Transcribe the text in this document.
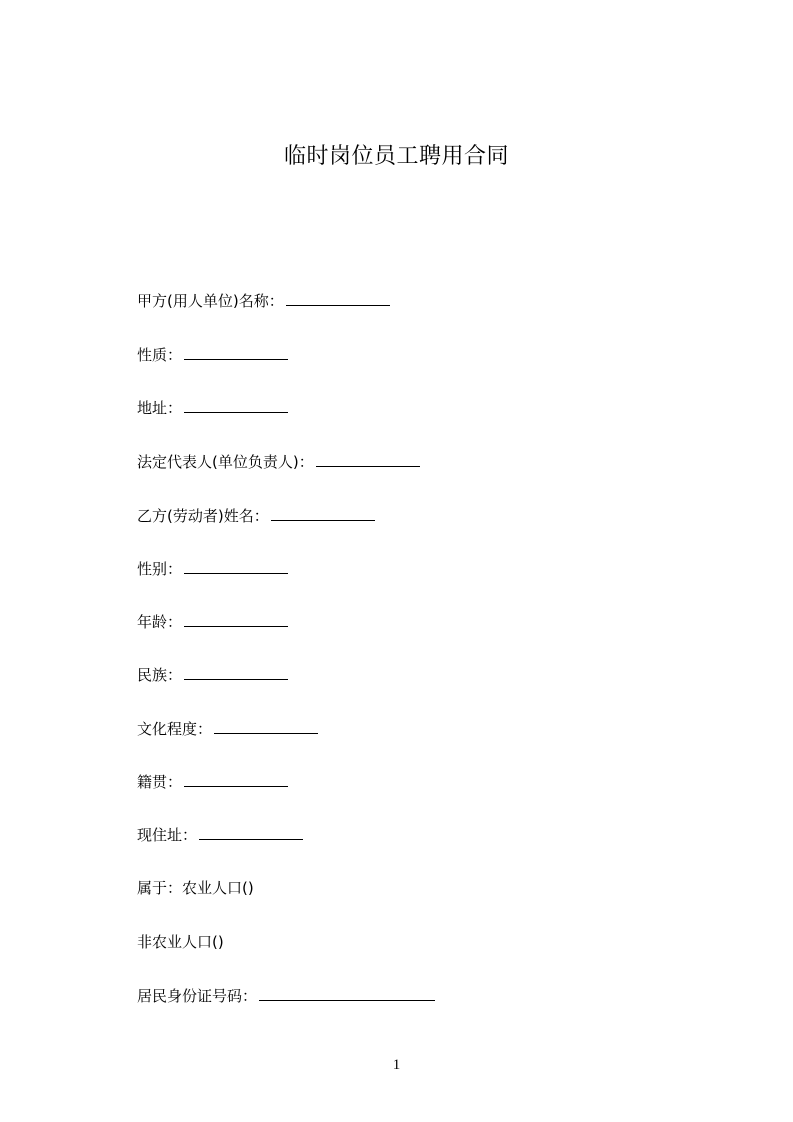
临时岗位员工聘用合同
甲方(用人单位)名称：
性质：
地址：
法定代表人(单位负责人)：
乙方(劳动者)姓名：
性别：
年龄：
民族：
文化程度：
籍贯：
现住址：
属于：农业人口()
非农业人口()
居民身份证号码：
1
